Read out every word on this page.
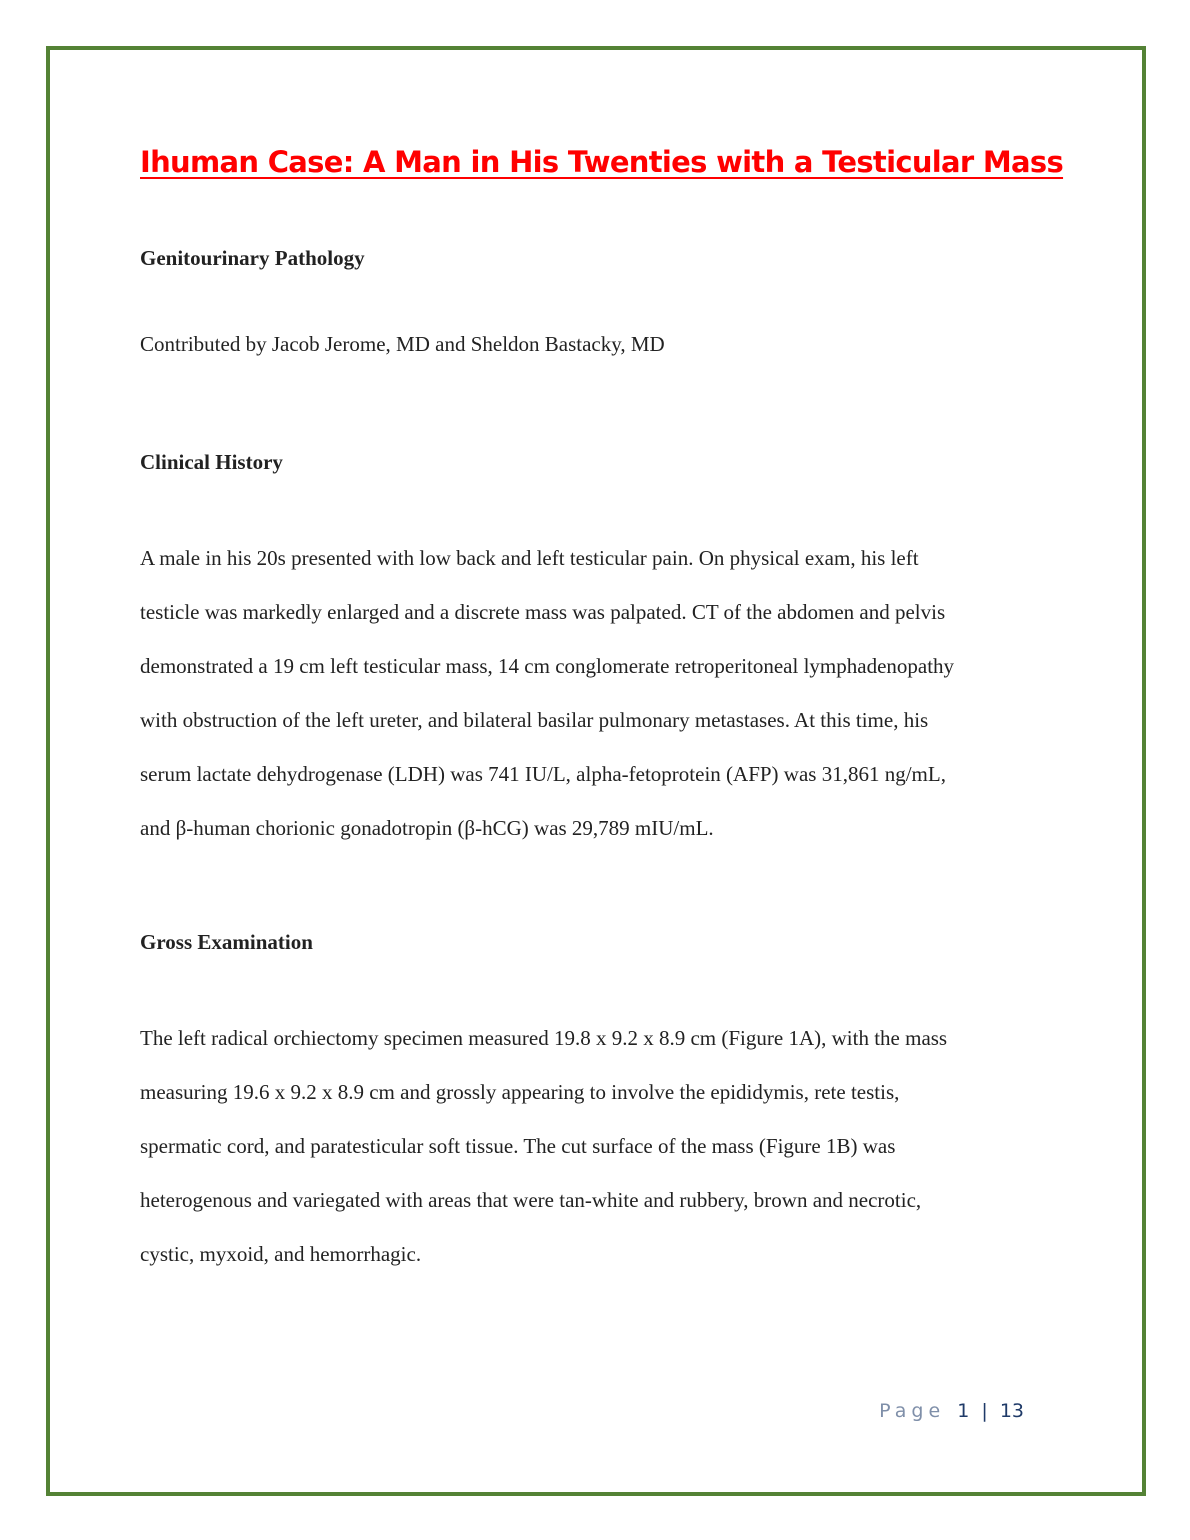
Ihuman Case: A Man in His Twenties with a Testicular Mass
Genitourinary Pathology

Contributed by Jacob Jerome, MD and Sheldon Bastacky, MD

Clinical History
A male in his 20s presented with low back and left testicular pain. On physical exam, his left
testicle was markedly enlarged and a discrete mass was palpated. CT of the abdomen and pelvis
demonstrated a 19 cm left testicular mass, 14 cm conglomerate retroperitoneal lymphadenopathy
with obstruction of the left ureter, and bilateral basilar pulmonary metastases. At this time, his
serum lactate dehydrogenase (LDH) was 741 IU/L, alpha-fetoprotein (AFP) was 31,861 ng/mL,
and β-human chorionic gonadotropin (β-hCG) was 29,789 mIU/mL.
Gross Examination
The left radical orchiectomy specimen measured 19.8 x 9.2 x 8.9 cm (Figure 1A), with the mass
measuring 19.6 x 9.2 x 8.9 cm and grossly appearing to involve the epididymis, rete testis,
spermatic cord, and paratesticular soft tissue. The cut surface of the mass (Figure 1B) was
heterogenous and variegated with areas that were tan-white and rubbery, brown and necrotic,
cystic, myxoid, and hemorrhagic.
Page 1 | 13
